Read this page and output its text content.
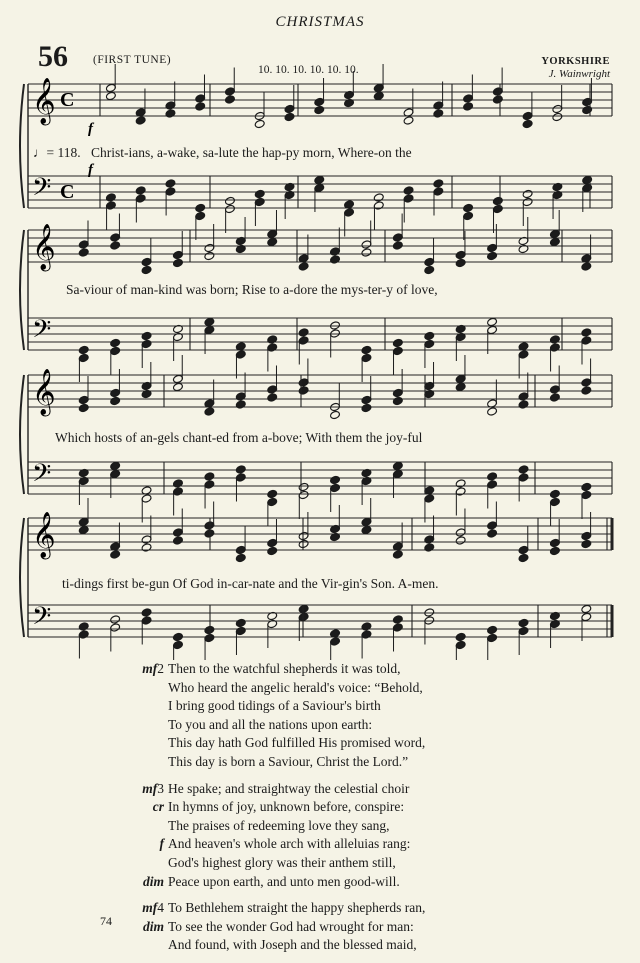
CHRISTMAS
56 (FIRST TUNE)
10. 10. 10. 10. 10. 10.
YORKSHIRE
J. Wainwright
𝄞 C
𝄢 C
𝄞
𝄢
𝄞
𝄢
𝄞
𝄢
f
f
♩= 118. Christ-ians, a-wake, sa-lute the hap-py morn, Where-on the
Sa-viour of man-kind was born; Rise to a-dore the mys-ter-y of love,
Which hosts of an-gels chant-ed from a-bove; With them the joy-ful
ti-dings first be-gun Of God in-car-nate and the Vir-gin's Son. A-men.
mf2 Then to the watchful shepherds it was told,
Who heard the angelic herald's voice: “Behold,
I bring good tidings of a Saviour's birth
To you and all the nations upon earth:
This day hath God fulfilled His promised word,
This day is born a Saviour, Christ the Lord.”
mf3 He spake; and straightway the celestial choir
cr In hymns of joy, unknown before, conspire:
The praises of redeeming love they sang,
f And heaven's whole arch with alleluias rang:
God's highest glory was their anthem still,
dim Peace upon earth, and unto men good-will.
mf4 To Bethlehem straight the happy shepherds ran,
dim To see the wonder God had wrought for man:
And found, with Joseph and the blessed maid,
74
